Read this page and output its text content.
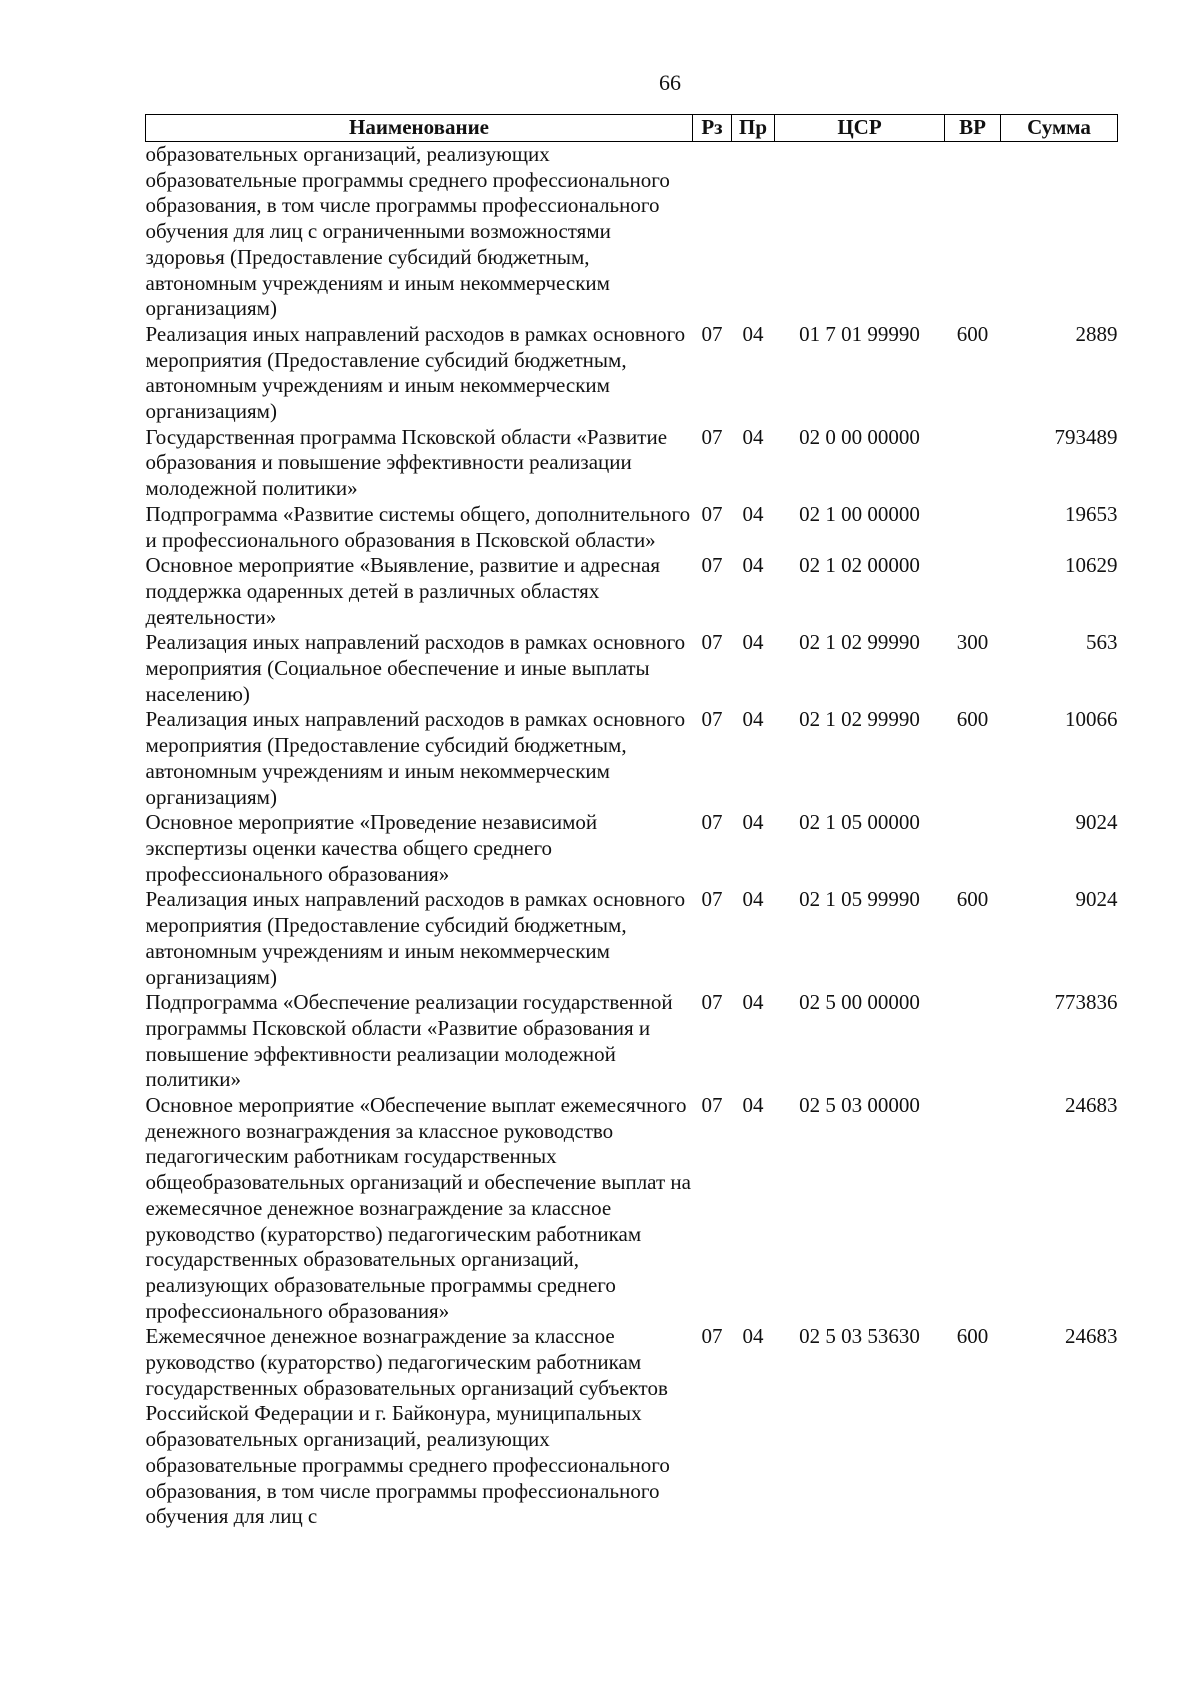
66
Наименование	Рз	Пр	ЦСР	ВР	Сумма
образовательных организаций, реализующих образовательные программы среднего профессионального образования, в том числе программы профессионального обучения для лиц с ограниченными возможностями здоровья (Предоставление субсидий бюджетным, автономным учреждениям и иным некоммерческим организациям)					
Реализация иных направлений расходов в рамках основного мероприятия (Предоставление субсидий бюджетным, автономным учреждениям и иным некоммерческим организациям)	07	04	01 7 01 99990	600	2889
Государственная программа Псковской области «Развитие образования и повышение эффективности реализации молодежной политики»	07	04	02 0 00 00000		793489
Подпрограмма «Развитие системы общего, дополнительного и профессионального образования в Псковской области»	07	04	02 1 00 00000		19653
Основное мероприятие «Выявление, развитие и адресная поддержка одаренных детей в различных областях деятельности»	07	04	02 1 02 00000		10629
Реализация иных направлений расходов в рамках основного мероприятия (Социальное обеспечение и иные выплаты населению)	07	04	02 1 02 99990	300	563
Реализация иных направлений расходов в рамках основного мероприятия (Предоставление субсидий бюджетным, автономным учреждениям и иным некоммерческим организациям)	07	04	02 1 02 99990	600	10066
Основное мероприятие «Проведение независимой экспертизы оценки качества общего среднего профессионального образования»	07	04	02 1 05 00000		9024
Реализация иных направлений расходов в рамках основного мероприятия (Предоставление субсидий бюджетным, автономным учреждениям и иным некоммерческим организациям)	07	04	02 1 05 99990	600	9024
Подпрограмма «Обеспечение реализации государственной программы Псковской области «Развитие образования и повышение эффективности реализации молодежной политики»	07	04	02 5 00 00000		773836
Основное мероприятие «Обеспечение выплат ежемесячного денежного вознаграждения за классное руководство педагогическим работникам государственных общеобразовательных организаций и обеспечение выплат на ежемесячное денежное вознаграждение за классное руководство (кураторство) педагогическим работникам государственных образовательных организаций, реализующих образовательные программы среднего профессионального образования»	07	04	02 5 03 00000		24683
Ежемесячное денежное вознаграждение за классное руководство (кураторство) педагогическим работникам государственных образовательных организаций субъектов Российской Федерации и г. Байконура, муниципальных образовательных организаций, реализующих образовательные программы среднего профессионального образования, в том числе программы профессионального обучения для лиц с	07	04	02 5 03 53630	600	24683
